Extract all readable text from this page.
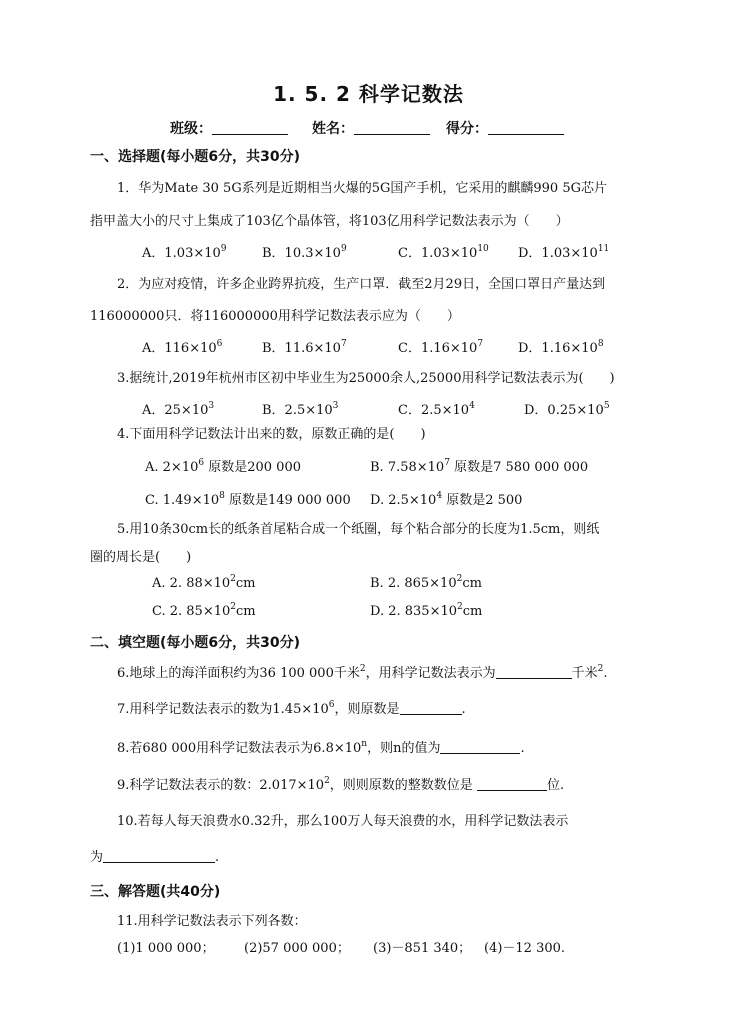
1. 5. 2 科学记数法
班级：	姓名：	得分：
一、选择题(每小题6分，共30分)
1．华为Mate 30 5G系列是近期相当火爆的5G国产手机，它采用的麒麟990 5G芯片
指甲盖大小的尺寸上集成了103亿个晶体管，将103亿用科学记数法表示为（　　）
A．$1.03\times 10^9$	B．$10.3\times 10^9$	C．$1.03\times 10^{10}$ D．$1.03\times 10^{11}$
2．为应对疫情，许多企业跨界抗疫，生产口罩．截至2月29日，全国口罩日产量达到
116000000只．将116000000用科学记数法表示应为（　　）
A．$116\times 10^6$	B．$11.6\times 10^7$	C．$1.16\times 10^7$	D．$1.16\times 10^8$
3.据统计,2019年杭州市区初中毕业生为25000余人,25000用科学记数法表示为(　　)
A．$25\times 10^3$	B．$2.5\times 10^3$	C．$2.5\times 10^4$	D．$0.25\times 10^5$
4.下面用科学记数法计出来的数，原数正确的是(　　)
A. $2\times 10^6$ 原数是200 000	B. $7.58\times 10^7$ 原数是7 580 000 000
C. $1.49\times 10^8$ 原数是149 000 000 D. $2.5\times 10^4$ 原数是2 500
5.用10条30cm长的纸条首尾粘合成一个纸圈，每个粘合部分的长度为1.5cm，则纸
圈的周长是(　　)
A. 2. $88\times 10^2cm$	B. 2. $865\times 10^2cm$
C. 2. $85\times 10^2cm$	D. 2. $835\times 10^2cm$
二、填空题(每小题6分，共30分)
6.地球上的海洋面积约为36 100 000千米$^2$，用科学记数法表示为	千米$^2$.
7.用科学记数法表示的数为$1.45\times 10^6$，则原数是	.
8.若680 000用科学记数法表示为$6.8\times 10^n$，则n的值为	.
9.科学记数法表示的数：$2.017\times 10^2$，则则原数的整数数位是	位.
10.若每人每天浪费水0.32升，那么100万人每天浪费的水，用科学记数法表示
为	.
三、解答题(共40分)
11.用科学记数法表示下列各数：
(1)1 000 000； (2)57 000 000； (3)－851 340； (4)－12 300.
